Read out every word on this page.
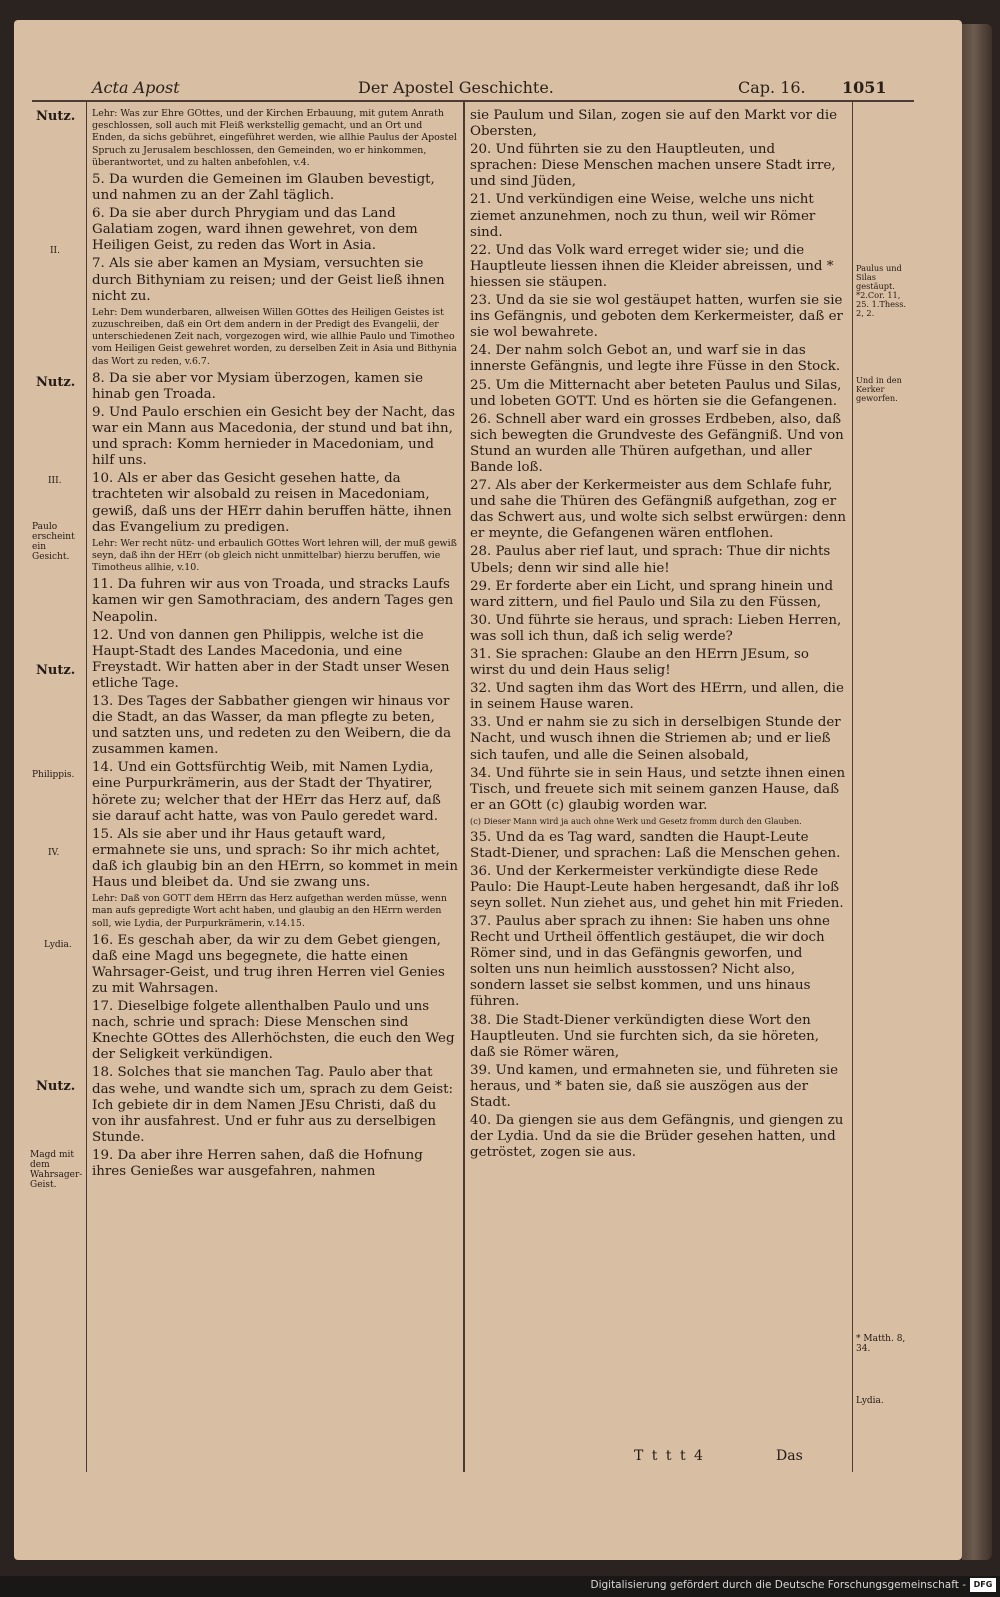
Acta Apost	Der Apostel Geschichte.	Cap. 16. 1051

Lehr: Was zur Ehre GOttes, und der Kirchen Erbauung, mit gutem Anrath geschlossen, soll auch mit Fleiß werkstellig gemacht, und an Ort und Enden, da sichs gebühret, eingeführet werden, wie allhie Paulus der Apostel Spruch zu Jerusalem beschlossen, den Gemeinden, wo er hinkommen, überantwortet, und zu halten anbefohlen, v.4.

5. Da wurden die Gemeinen im Glauben bevestigt, und nahmen zu an der Zahl täglich.

6. Da sie aber durch Phrygiam und das Land Galatiam zogen, ward ihnen gewehret, von dem Heiligen Geist, zu reden das Wort in Asia.

7. Als sie aber kamen an Mysiam, versuchten sie durch Bithyniam zu reisen; und der Geist ließ ihnen nicht zu.

Lehr: Dem wunderbaren, allweisen Willen GOttes des Heiligen Geistes ist zuzuschreiben, daß ein Ort dem andern in der Predigt des Evangelii, der unterschiedenen Zeit nach, vorgezogen wird, wie allhie Paulo und Timotheo vom Heiligen Geist gewehret worden, zu derselben Zeit in Asia und Bithynia das Wort zu reden, v.6.7.

8. Da sie aber vor Mysiam überzogen, kamen sie hinab gen Troada.

9. Und Paulo erschien ein Gesicht bey der Nacht, das war ein Mann aus Macedonia, der stund und bat ihn, und sprach: Komm hernieder in Macedoniam, und hilf uns.

10. Als er aber das Gesicht gesehen hatte, da trachteten wir alsobald zu reisen in Macedoniam, gewiß, daß uns der HErr dahin beruffen hätte, ihnen das Evangelium zu predigen.

Lehr: Wer recht nütz- und erbaulich GOttes Wort lehren will, der muß gewiß seyn, daß ihn der HErr (ob gleich nicht unmittelbar) hierzu beruffen, wie Timotheus allhie, v.10.

11. Da fuhren wir aus von Troada, und stracks Laufs kamen wir gen Samothraciam, des andern Tages gen Neapolin.

12. Und von dannen gen Philippis, welche ist die Haupt-Stadt des Landes Macedonia, und eine Freystadt. Wir hatten aber in der Stadt unser Wesen etliche Tage.

13. Des Tages der Sabbather giengen wir hinaus vor die Stadt, an das Wasser, da man pflegte zu beten, und satzten uns, und redeten zu den Weibern, die da zusammen kamen.

14. Und ein Gottsfürchtig Weib, mit Namen Lydia, eine Purpurkrämerin, aus der Stadt der Thyatirer, hörete zu; welcher that der HErr das Herz auf, daß sie darauf acht hatte, was von Paulo geredet ward.

15. Als sie aber und ihr Haus getauft ward, ermahnete sie uns, und sprach: So ihr mich achtet, daß ich glaubig bin an den HErrn, so kommet in mein Haus und bleibet da. Und sie zwang uns.

Lehr: Daß von GOTT dem HErrn das Herz aufgethan werden müsse, wenn man aufs gepredigte Wort acht haben, und glaubig an den HErrn werden soll, wie Lydia, der Purpurkrämerin, v.14.15.

16. Es geschah aber, da wir zu dem Gebet giengen, daß eine Magd uns begegnete, die hatte einen Wahrsager-Geist, und trug ihren Herren viel Genies zu mit Wahrsagen.

17. Dieselbige folgete allenthalben Paulo und uns nach, schrie und sprach: Diese Menschen sind Knechte GOttes des Allerhöchsten, die euch den Weg der Seligkeit verkündigen.

18. Solches that sie manchen Tag. Paulo aber that das wehe, und wandte sich um, sprach zu dem Geist: Ich gebiete dir in dem Namen JEsu Christi, daß du von ihr ausfahrest. Und er fuhr aus zu derselbigen Stunde.

19. Da aber ihre Herren sahen, daß die Hofnung ihres Genießes war ausgefahren, nahmen

sie Paulum und Silan, zogen sie auf den Markt vor die Obersten,

20. Und führten sie zu den Hauptleuten, und sprachen: Diese Menschen machen unsere Stadt irre, und sind Jüden,

21. Und verkündigen eine Weise, welche uns nicht ziemet anzunehmen, noch zu thun, weil wir Römer sind.

22. Und das Volk ward erreget wider sie; und die Hauptleute liessen ihnen die Kleider abreissen, und * hiessen sie stäupen.

23. Und da sie sie wol gestäupet hatten, wurfen sie sie ins Gefängnis, und geboten dem Kerkermeister, daß er sie wol bewahrete.

24. Der nahm solch Gebot an, und warf sie in das innerste Gefängnis, und legte ihre Füsse in den Stock.

25. Um die Mitternacht aber beteten Paulus und Silas, und lobeten GOTT. Und es hörten sie die Gefangenen.

26. Schnell aber ward ein grosses Erdbeben, also, daß sich bewegten die Grundveste des Gefängniß. Und von Stund an wurden alle Thüren aufgethan, und aller Bande loß.

27. Als aber der Kerkermeister aus dem Schlafe fuhr, und sahe die Thüren des Gefängniß aufgethan, zog er das Schwert aus, und wolte sich selbst erwürgen: denn er meynte, die Gefangenen wären entflohen.

28. Paulus aber rief laut, und sprach: Thue dir nichts Ubels; denn wir sind alle hie!

29. Er forderte aber ein Licht, und sprang hinein und ward zittern, und fiel Paulo und Sila zu den Füssen,

30. Und führte sie heraus, und sprach: Lieben Herren, was soll ich thun, daß ich selig werde?

31. Sie sprachen: Glaube an den HErrn JEsum, so wirst du und dein Haus selig!

32. Und sagten ihm das Wort des HErrn, und allen, die in seinem Hause waren.

33. Und er nahm sie zu sich in derselbigen Stunde der Nacht, und wusch ihnen die Striemen ab; und er ließ sich taufen, und alle die Seinen alsobald,

34. Und führte sie in sein Haus, und setzte ihnen einen Tisch, und freuete sich mit seinem ganzen Hause, daß er an GOtt (c) glaubig worden war.

(c) Dieser Mann wird ja auch ohne Werk und Gesetz fromm durch den Glauben.

35. Und da es Tag ward, sandten die Haupt-Leute Stadt-Diener, und sprachen: Laß die Menschen gehen.

36. Und der Kerkermeister verkündigte diese Rede Paulo: Die Haupt-Leute haben hergesandt, daß ihr loß seyn sollet. Nun ziehet aus, und gehet hin mit Frieden.

37. Paulus aber sprach zu ihnen: Sie haben uns ohne Recht und Urtheil öffentlich gestäupet, die wir doch Römer sind, und in das Gefängnis geworfen, und solten uns nun heimlich ausstossen? Nicht also, sondern lasset sie selbst kommen, und uns hinaus führen.

38. Die Stadt-Diener verkündigten diese Wort den Hauptleuten. Und sie furchten sich, da sie höreten, daß sie Römer wären,

39. Und kamen, und ermahneten sie, und führeten sie heraus, und * baten sie, daß sie auszögen aus der Stadt.

40. Da giengen sie aus dem Gefängnis, und giengen zu der Lydia. Und da sie die Brüder gesehen hatten, und getröstet, zogen sie aus.

Nutz.
II.
Nutz.
III.
Paulo erscheint ein Gesicht.
Nutz.
Philippis.
IV.
Lydia.
Nutz.
Magd mit dem Wahrsager-Geist.
Paulus und Silas gestäupt. *2.Cor. 11, 25. 1.Thess. 2, 2.
Und in den Kerker geworfen.
* Matth. 8, 34.
Lydia.
T t t t 4	Das
Digitalisierung gefördert durch die Deutsche Forschungsgemeinschaft - DFG
